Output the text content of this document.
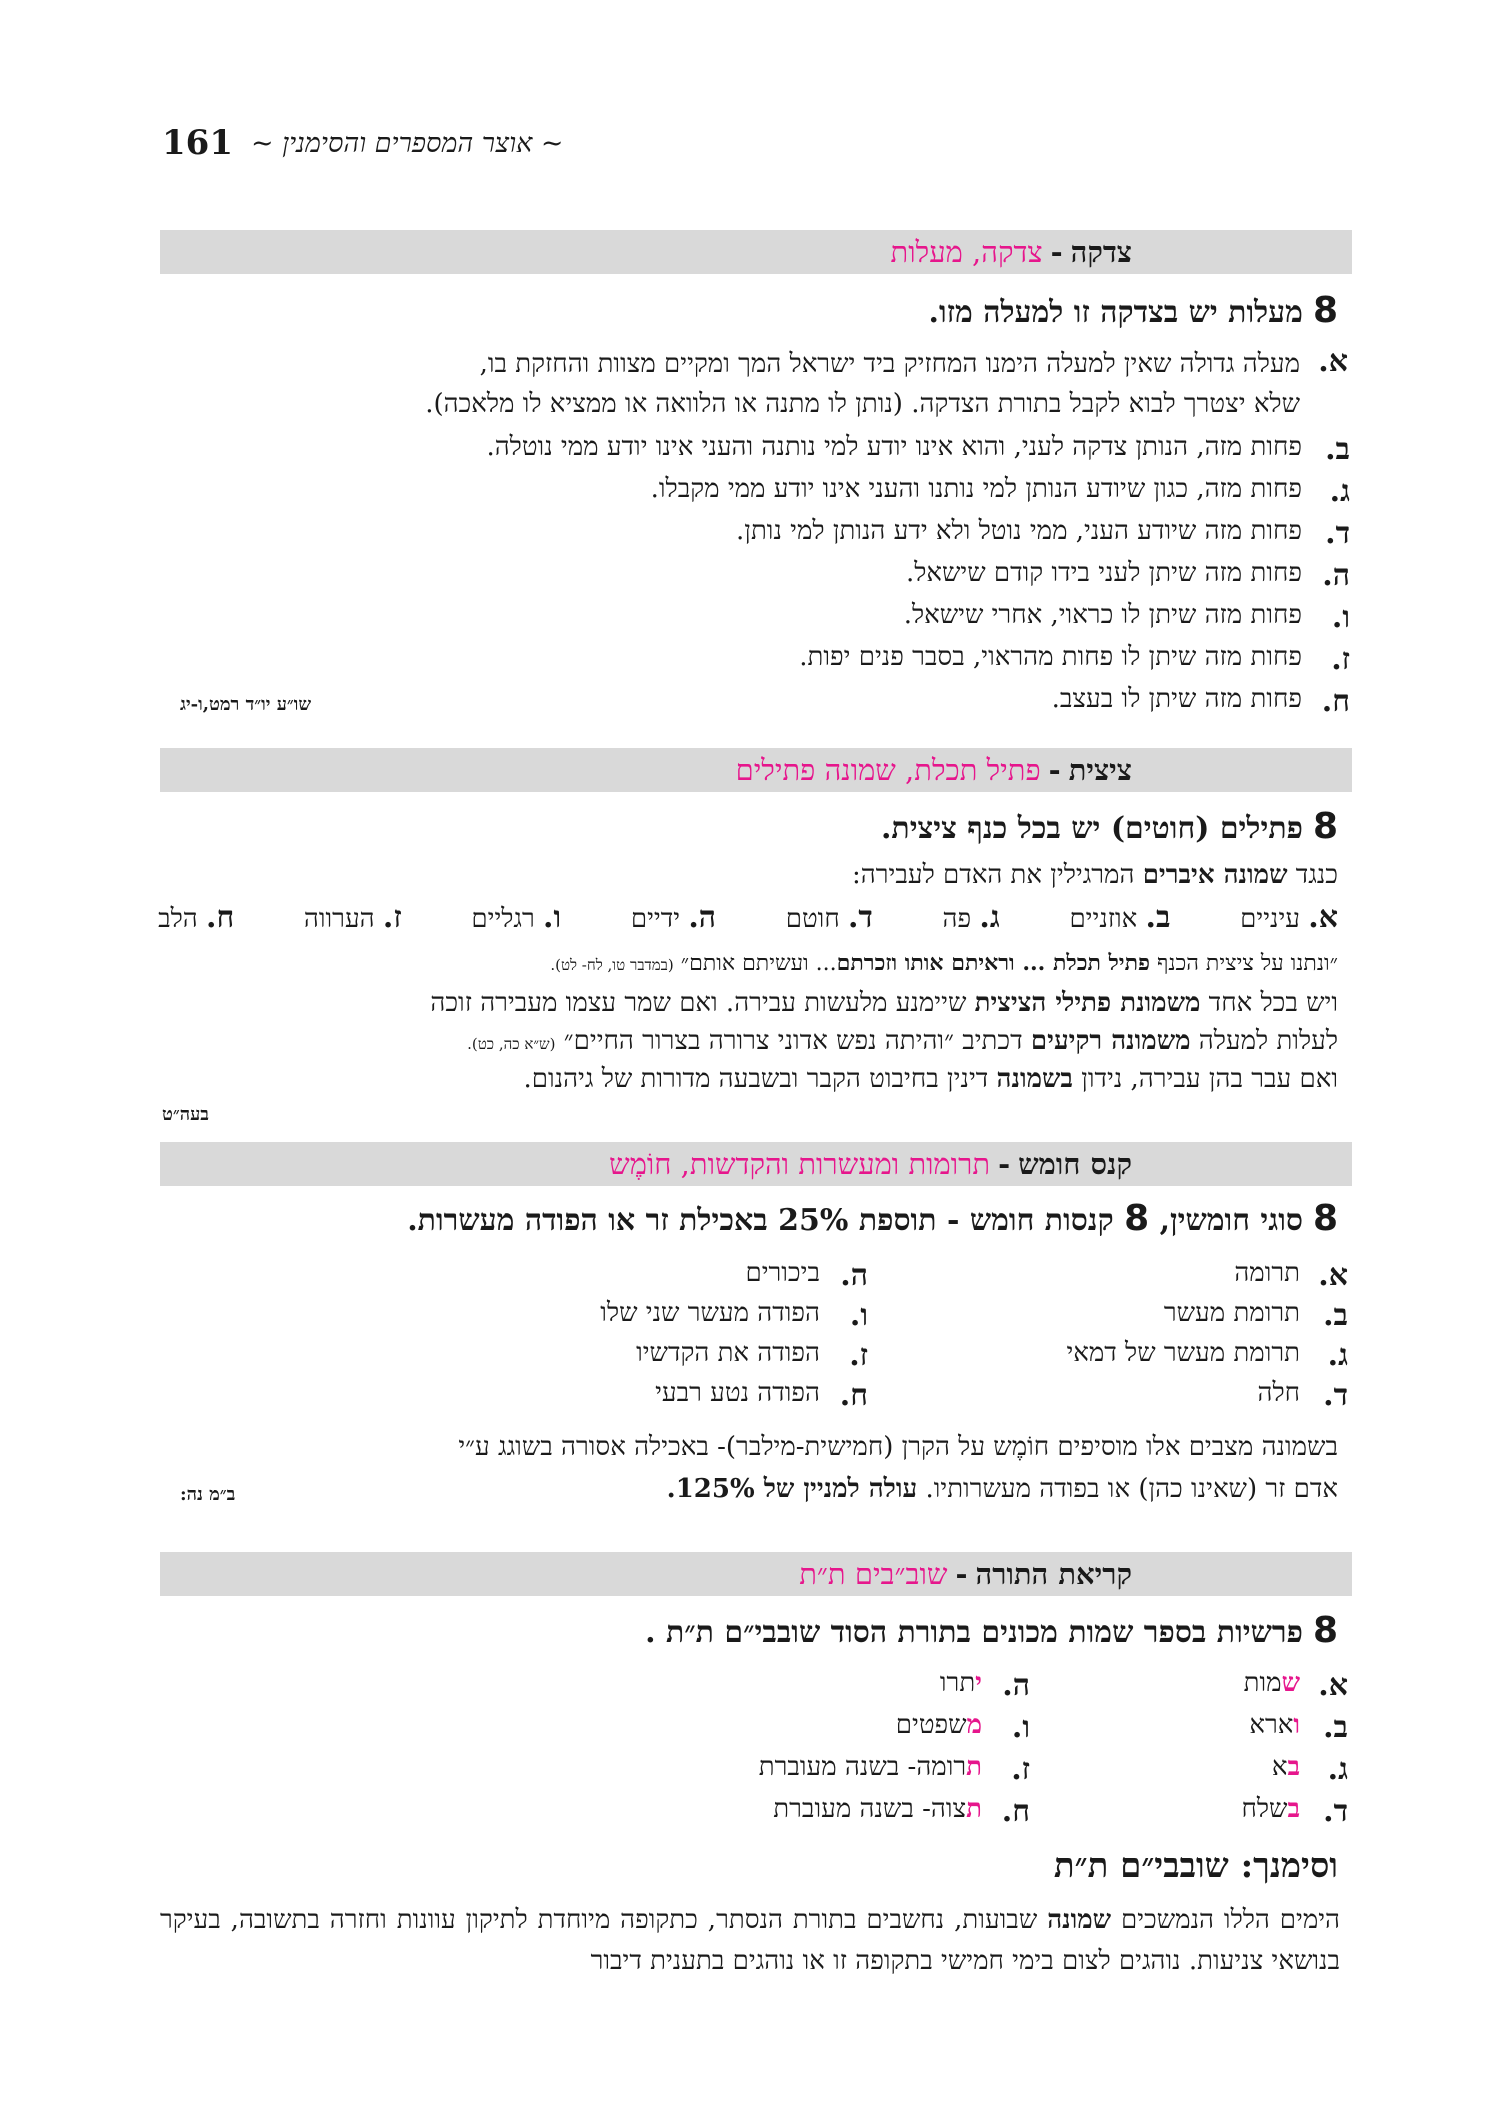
161 ~ אוצר המספרים והסימנין ~
צדקה
-
צדקה, מעלות
8מעלות יש בצדקה זו למעלה מזו.
א.
מעלה גדולה שאין למעלה הימנו המחזיק ביד ישראל המך ומקיים מצוות והחזקת בו,
שלא יצטרך לבוא לקבל בתורת הצדקה. (נותן לו מתנה או הלוואה או ממציא לו מלאכה).
ב.
פחות מזה, הנותן צדקה לעני, והוא אינו יודע למי נותנה והעני אינו יודע ממי נוטלה.
ג.
פחות מזה, כגון שיודע הנותן למי נותנו והעני אינו יודע ממי מקבלו.
ד.
פחות מזה שיודע העני, ממי נוטל ולא ידע הנותן למי נותן.
ה.
פחות מזה שיתן לעני בידו קודם שישאל.
ו.
פחות מזה שיתן לו כראוי, אחרי שישאל.
ז.
פחות מזה שיתן לו פחות מהראוי, בסבר פנים יפות.
ח.
פחות מזה שיתן לו בעצב.
שו״ע יו״ד רמט,ו-יג
ציצית
-
פתיל תכלת, שמונה פתילים
8פתילים (חוטים) יש בכל כנף ציצית.
כנגד שמונה איברים המרגילין את האדם לעבירה:
א. עיניים
ב. אוזניים
ג. פה
ד. חוטם
ה. ידיים
ו. רגליים
ז. הערווה
ח. הלב
״ונתנו על ציצית הכנף פתיל תכלת ... וראיתם אותו וזכרתם... ועשיתם אותם״ (במדבר טו, לח- לט).
ויש בכל אחד משמונת פתילי הציצית שיימנע מלעשות עבירה. ואם שמר עצמו מעבירה זוכה
לעלות למעלה משמונה רקיעים דכתיב ״והיתה נפש אדוני צרורה בצרור החיים״ (ש״א כה, כט).
ואם עבר בהן עבירה, נידון בשמונה דינין בחיבוט הקבר ובשבעה מדורות של גיהנום.
בעה״ט
קנס חומש
-
תרומות ומעשרות והקדשות, חוֹמֶש
8סוגי חומשין, 8 קנסות חומש - תוספת 25% באכילת זר או הפודה מעשרות.
א.
תרומה
ב.
תרומת מעשר
ג.
תרומת מעשר של דמאי
ד.
חלה
ה.
ביכורים
ו.
הפודה מעשר שני שלו
ז.
הפודה את הקדשיו
ח.
הפודה נטע רבעי
בשמונה מצבים אלו מוסיפים חוֹמֶש על הקרן (חמישית-מילבר)- באכילה אסורה בשוגג ע״י
אדם זר (שאינו כהן) או בפודה מעשרותיו. עולה למניין של 125%.
ב״מ נה:
קריאת התורה
-
שוב״בים ת״ת
8פרשיות בספר שמות מכונים בתורת הסוד שובבי״ם ת״ת .
א.
ש
מות
ב.
ו
ארא
ג.
ב
א
ד.
ב
שלח
ה.
י
תרו
ו.
מ
שפטים
ז.
ת
רומה
- בשנה מעוברת
ח.
ת
צוה
- בשנה מעוברת
וסימנך: שובבי״ם ת״ת
הימים הללו הנמשכים שמונה שבועות, נחשבים בתורת הנסתר, כתקופה מיוחדת לתיקון עוונות וחזרה בתשובה, בעיקר בנושאי צניעות. נוהגים לצום בימי חמישי בתקופה זו או נוהגים בתענית דיבור
